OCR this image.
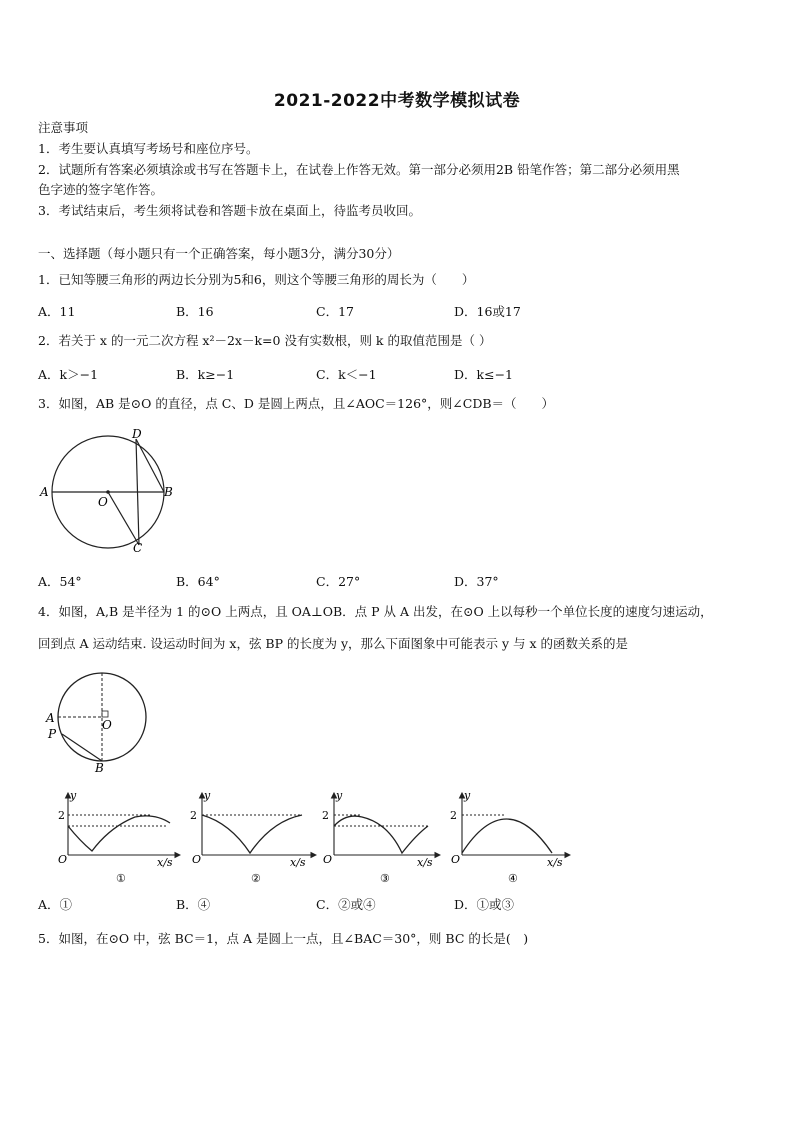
2021-2022中考数学模拟试卷
注意事项
1．考生要认真填写考场号和座位序号。
2．试题所有答案必须填涂或书写在答题卡上，在试卷上作答无效。第一部分必须用2B 铅笔作答；第二部分必须用黑
色字迹的签字笔作答。
3．考试结束后，考生须将试卷和答题卡放在桌面上，待监考员收回。
一、选择题（每小题只有一个正确答案，每小题3分，满分30分）
1．已知等腰三角形的两边长分别为5和6，则这个等腰三角形的周长为（　　）
A．11	B．16	C．17	D．16或17
2．若关于 x 的一元二次方程 x²－2x－k=0 没有实数根，则 k 的取值范围是（ ）
A．k＞−1	B．k≥−1	C．k＜−1	D．k≤−1
3．如图，AB 是⊙O 的直径，点 C、D 是圆上两点，且∠AOC＝126°，则∠CDB＝（　　）
A	B
D
C
O
A．54°	B．64°	C．27°	D．37°
4．如图，A,B 是半径为 1 的⊙O 上两点，且 OA⊥OB．点 P 从 A 出发，在⊙O 上以每秒一个单位长度的速度匀速运动，
回到点 A 运动结束. 设运动时间为 x，弦 BP 的长度为 y，那么下面图象中可能表示 y 与 x 的函数关系的是
A	O
P
B
y
2
O	x/s
①
y
2
O	x/s
②
y
2
O	x/s
③
y
2
O	x/s
④
A．①	B．④	C．②或④	D．①或③
5．如图，在⊙O 中，弦 BC＝1，点 A 是圆上一点，且∠BAC＝30°，则 BC 的长是(　)
